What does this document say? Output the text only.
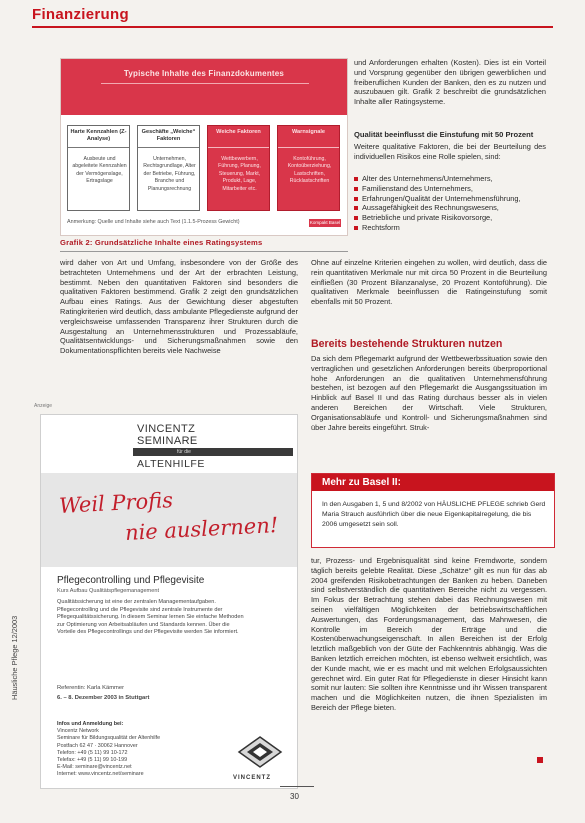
Finanzierung
Typische Inhalte des Finanzdokumentes
Harte Kennzahlen (Z-Analyse)
Ausbeute und abgeleitete Kennzahlen der Vermögenslage, Ertragslage
Geschäfte „Weiche“ Faktoren
Unternehmen, Rechtsgrundlage, Alter der Betriebe, Führung, Branche und Planungsrechnung
Weiche Faktoren
Wettbewerbern, Führung, Planung, Steuerung, Markt, Produkt, Lage, Mitarbeiter etc.
Warnsignale
Kontoführung, Kontoüberziehung, Lastschriften, Rücklastschriften
Anmerkung: Quelle und Inhalte siehe auch Text (1.1.5-Prozess Gewicht)	Kompakt Basel
Grafik 2: Grundsätzliche Inhalte eines Ratingsystems
und Anforderungen erhalten (Kosten). Dies ist ein Vorteil und Vorsprung gegenüber den übrigen gewerblichen und freiberuflichen Kunden der Banken, den es zu nutzen und auszubauen gilt. Grafik 2 beschreibt die grundsätzlichen Inhalte aller Ratingsysteme.
Qualität beeinflusst die Einstufung mit 50 Prozent
Weitere qualitative Faktoren, die bei der Beurteilung des individuellen Risikos eine Rolle spielen, sind:
Alter des Unternehmens/Unternehmers,
Familienstand des Unternehmers,
Erfahrungen/Qualität der Unternehmensführung,
Aussagefähigkeit des Rechnungswesens,
Betriebliche und private Risikovorsorge,
Rechtsform
wird daher von Art und Umfang, insbesondere von der Größe des betrachteten Unternehmens und der Art der erbrachten Leistung, bestimmt. Neben den quantitativen Faktoren sind besonders die qualitativen Faktoren bestimmend. Grafik 2 zeigt den grundsätzlichen Aufbau eines Ratings. Aus der Gewichtung dieser abgestuften Ratingkriterien wird deutlich, dass ambulante Pflegedienste aufgrund der vergleichsweise umfassenden Transparenz ihrer Strukturen durch die Ausgestaltung an Unternehmensstrukturen und Prozessabläufe, Qualitätsentwicklungs- und Sicherungsmaßnahmen sowie den Dokumentationspflichten bereits viele Nachweise
Ohne auf einzelne Kriterien eingehen zu wollen, wird deutlich, dass die rein quantitativen Merkmale nur mit circa 50 Prozent in die Beurteilung einfließen (30 Prozent Bilanzanalyse, 20 Prozent Kontoführung). Die qualitativen Merkmale beeinflussen die Ratingeinstufung somit ebenfalls mit 50 Prozent.
Bereits bestehende Strukturen nutzen
Da sich dem Pflegemarkt aufgrund der Wettbewerbssituation sowie den vertraglichen und gesetzlichen Anforderungen bereits überproportional hohe Anforderungen an die qualitativen Unternehmensführung bestehen, ist bezogen auf den Pflegemarkt die Ausgangssituation im Hinblick auf Basel II und das Rating durchaus besser als in vielen anderen Bereichen der Wirtschaft. Viele Strukturen, Organisationsabläufe und Kontroll- und Sicherungsmaßnahmen sind über Jahre bereits eingeführt. Struk-
Anzeige
VINCENTZ
SEMINARE
für die
ALTENHILFE
Weil Profis
nie auslernen!
Pflegecontrolling und Pflegevisite
Kurs Aufbau Qualitätspflegemanagement
Qualitätssicherung ist eine der zentralen Managementaufgaben. Pflegecontrolling und die Pflegevisite sind zentrale Instrumente der Pflegequalitätssicherung. In diesem Seminar lernen Sie einfache Methoden zur Optimierung von Arbeitsabläufen und Standards kennen. Über die Vorteile des Pflegecontrollings und der Pflegevisite werden Sie informiert.
Referentin: Karla Kämmer
6. – 8. Dezember 2003 in Stuttgart
Infos und Anmeldung bei:
Vincentz Network
Seminare für Bildungsqualität der Altenhilfe
Postfach 62 47 · 30062 Hannover
Telefon: +49 (5 11) 99 10-172
Telefax: +49 (5 11) 99 10-199
E-Mail: seminare@vincentz.net
Internet: www.vincentz.net/seminare
VINCENTZ
Häusliche Pflege 12/2003
Mehr zu Basel II:
In den Ausgaben 1, 5 und 8/2002 von HÄUSLICHE PFLEGE schrieb Gerd Maria Strauch ausführlich über die neue Eigenkapitalregelung, die bis 2006 umgesetzt sein soll.
tur, Prozess- und Ergebnisqualität sind keine Fremdworte, sondern täglich bereits gelebte Realität. Diese „Schätze“ gilt es nun für das ab 2004 greifenden Risikobetrachtungen der Banken zu heben. Daneben sind selbstverständlich die quantitativen Bereiche nicht zu vergessen. Im Fokus der Betrachtung stehen dabei das Rechnungswesen mit seinen vielfältigen Möglichkeiten der betriebswirtschaftlichen Auswertungen, das Forderungsmanagement, das Mahnwesen, die Kontrolle im Bereich der Erträge und die Kostenüberwachungseigenschaft. In allen Bereichen ist der Erfolg letztlich maßgeblich von der Güte der Fachkenntnis abhängig. Was die Banken letztlich erreichen möchten, ist ebenso weltweit ersichtlich, was der Kunde macht, wie er es macht und mit welchen Erfolgsaussichten gerechnet wird. Ein guter Rat für Pflegedienste in dieser Hinsicht kann somit nur lauten: Sie sollten ihre Kenntnisse und ihr Wissen transparent machen und die Möglichkeiten nutzen, die ihnen Spezialisten im Bereich der Pflege bieten.
30
